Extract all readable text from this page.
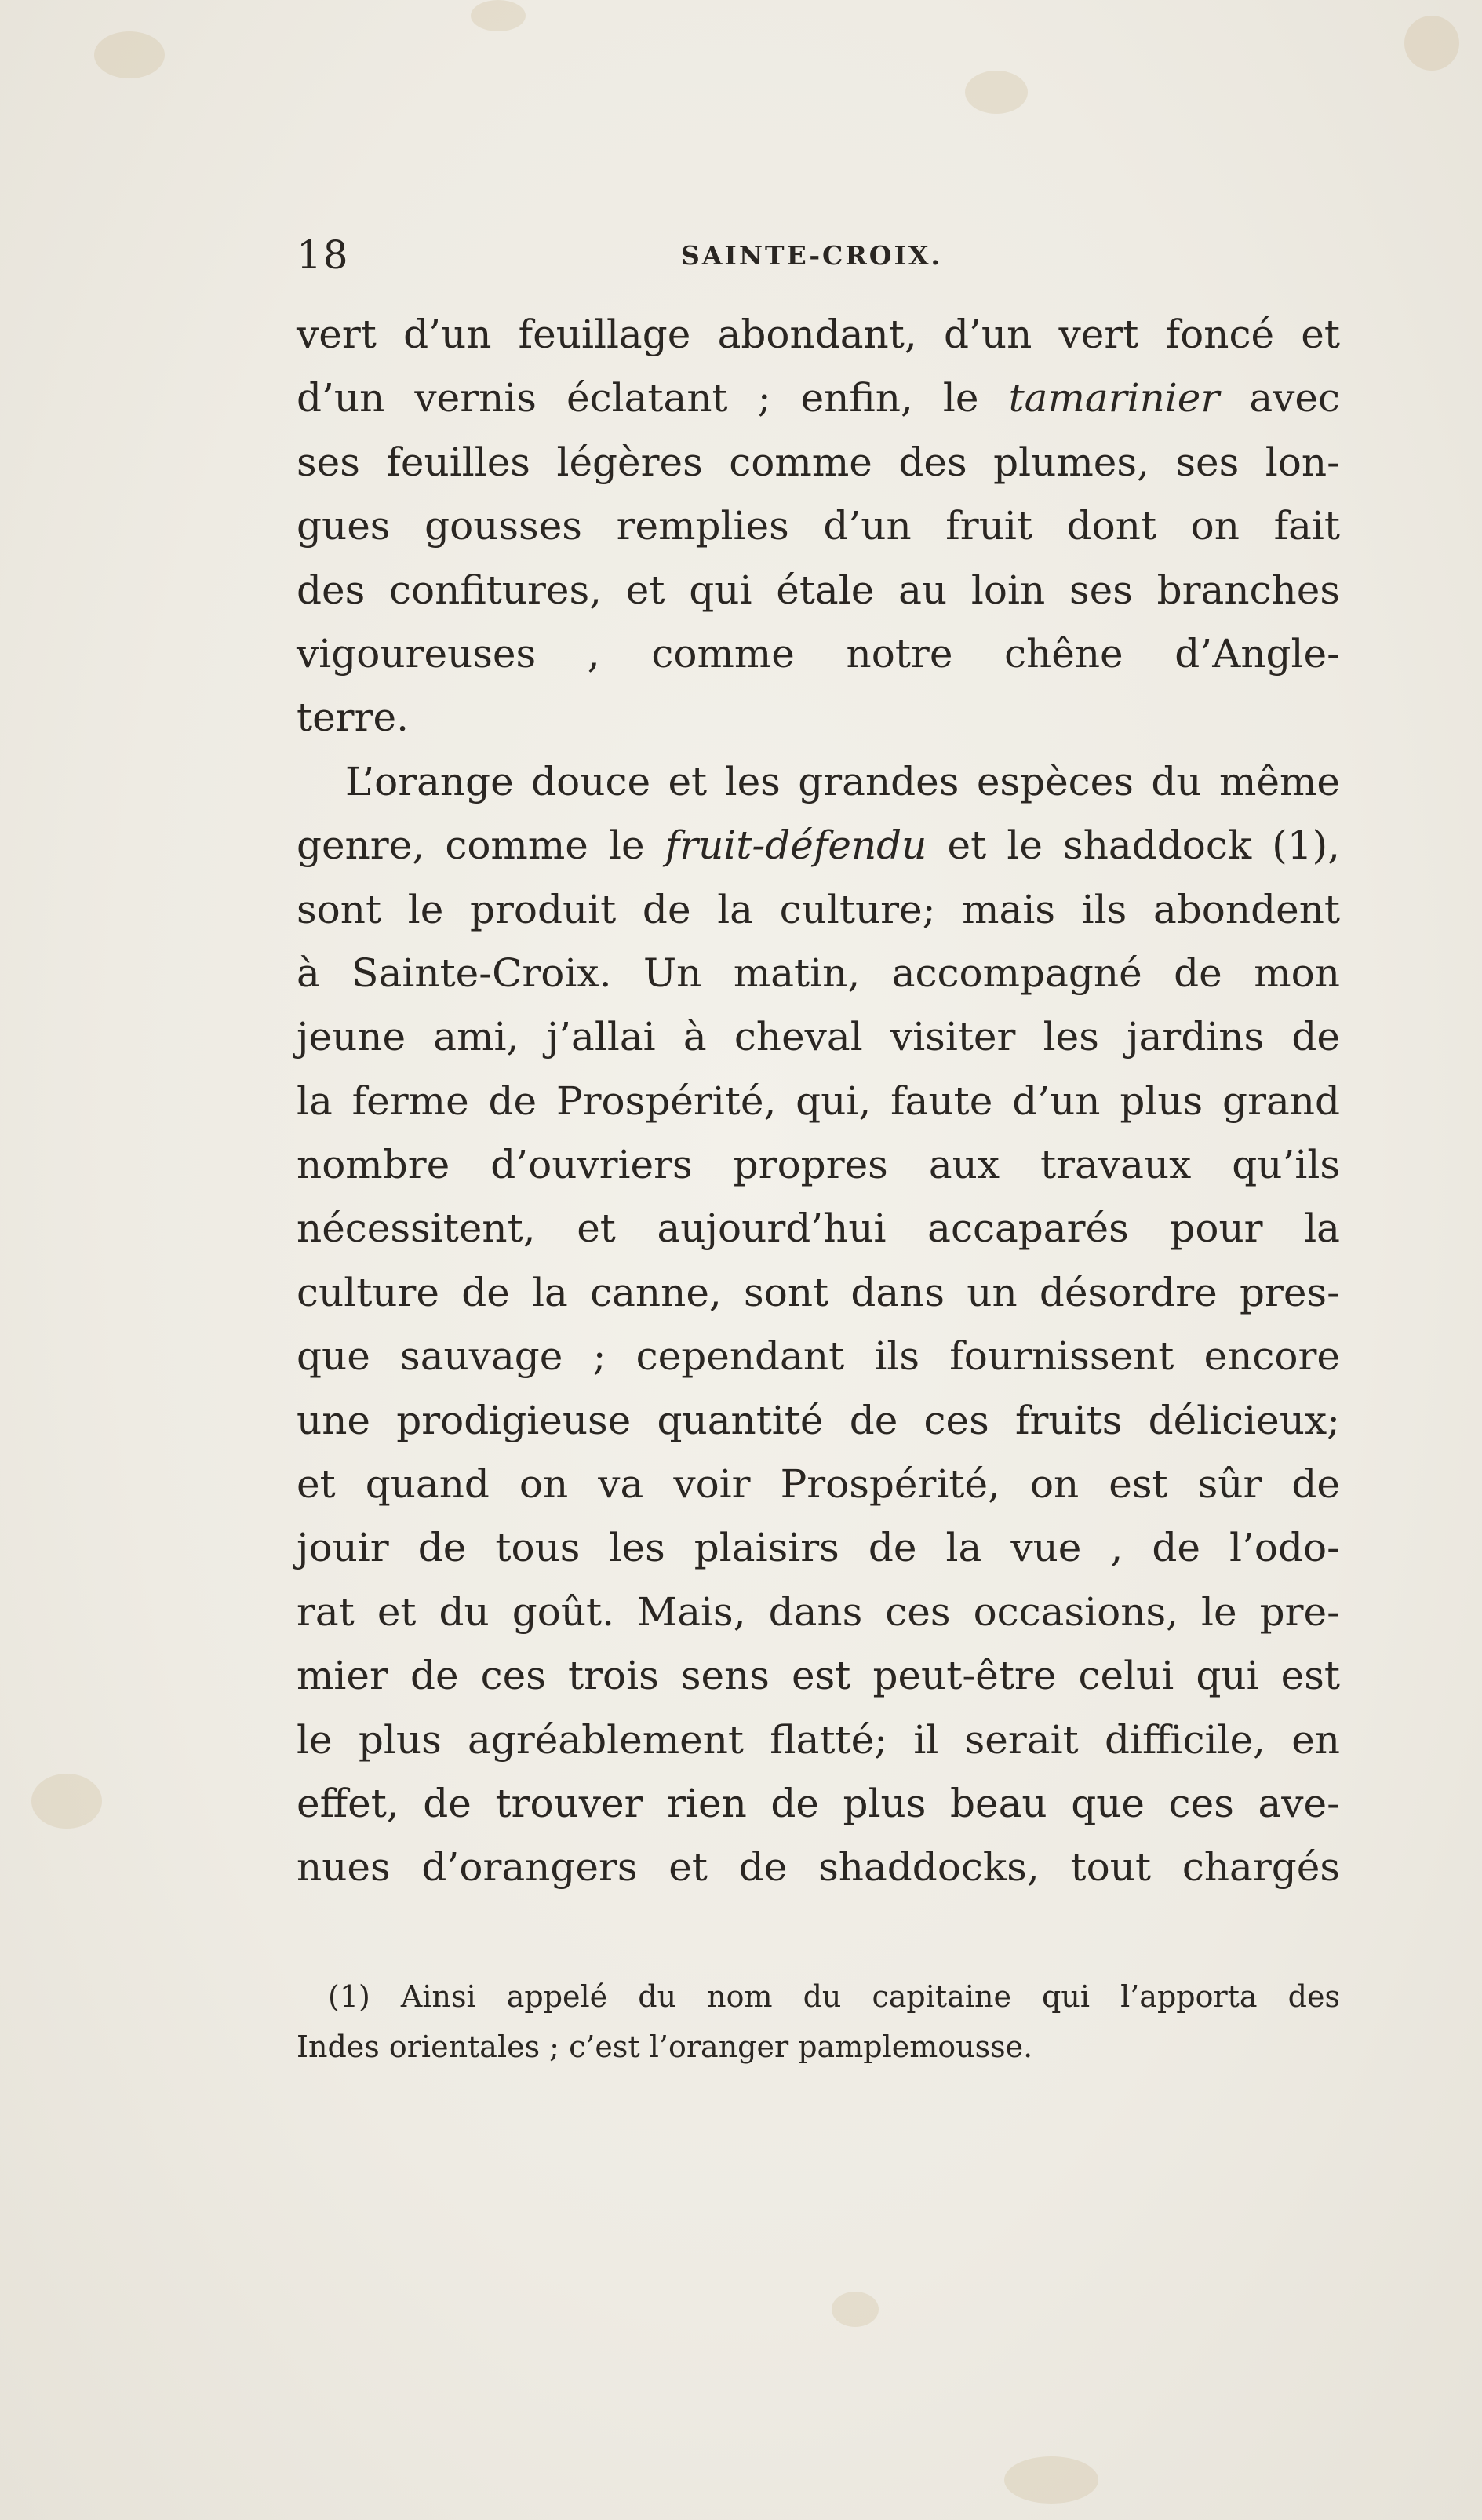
18	SAINTE-CROIX.
vert d’un feuillage abondant, d’un vert foncé et
d’un vernis éclatant ; enfin, le tamarinier avec
ses feuilles légères comme des plumes, ses lon-
gues gousses remplies d’un fruit dont on fait
des confitures, et qui étale au loin ses branches
vigoureuses , comme notre chêne d’Angle-
terre.
L’orange douce et les grandes espèces du même
genre, comme le fruit-défendu et le shaddock (1),
sont le produit de la culture; mais ils abondent
à Sainte-Croix. Un matin, accompagné de mon
jeune ami, j’allai à cheval visiter les jardins de
la ferme de Prospérité, qui, faute d’un plus grand
nombre d’ouvriers propres aux travaux qu’ils
nécessitent, et aujourd’hui accaparés pour la
culture de la canne, sont dans un désordre pres-
que sauvage ; cependant ils fournissent encore
une prodigieuse quantité de ces fruits délicieux;
et quand on va voir Prospérité, on est sûr de
jouir de tous les plaisirs de la vue , de l’odo-
rat et du goût. Mais, dans ces occasions, le pre-
mier de ces trois sens est peut-être celui qui est
le plus agréablement flatté; il serait difficile, en
effet, de trouver rien de plus beau que ces ave-
nues d’orangers et de shaddocks, tout chargés
(1) Ainsi appelé du nom du capitaine qui l’apporta des
Indes orientales ; c’est l’oranger pamplemousse.
